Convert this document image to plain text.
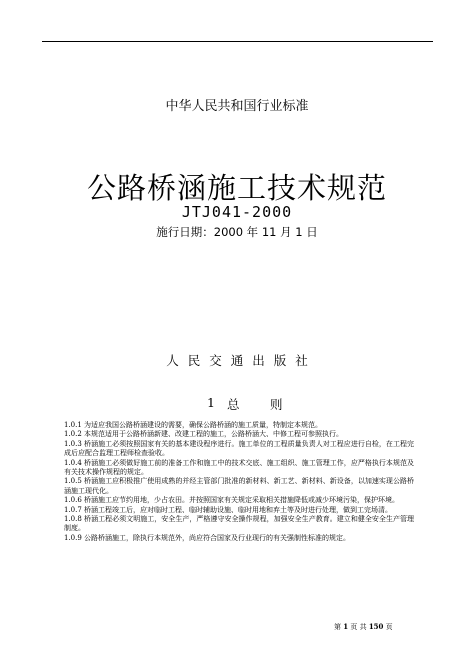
中华人民共和国行业标准
公路桥涵施工技术规范
JTJ041-2000
施行日期：2000 年 11 月 1 日
人民交通出版社
1 总 则

1.0.1 为适应我国公路桥涵建设的需要，确保公路桥涵的施工质量，特制定本规范。

1.0.2 本规范适用于公路桥涵新建、改建工程的施工，公路桥涵大、中修工程可参照执行。

1.0.3 桥涵施工必须按照国家有关的基本建设程序进行。施工单位的工程质量负责人对工程应进行自检，在工程完成后应配合监理工程师检查验收。

1.0.4 桥涵施工必须做好施工前的准备工作和施工中的技术交底、施工组织、施工管理工作，应严格执行本规范及有关技术操作规程的规定。

1.0.5 桥涵施工应积极推广使用成熟的并经主管部门批准的新材料、新工艺、新材料、新设备，以加速实现公路桥涵施工现代化。

1.0.6 桥涵施工应节约用地，少占农田。并按照国家有关规定采取相关措施降低或减少环境污染，保护环境。

1.0.7 桥涵工程竣工后，应对临时工程、临时辅助设施、临时用地和弃土等及时进行处理，做到工完场清。

1.0.8 桥涵工程必须文明施工，安全生产，严格遵守安全操作规程，加强安全生产教育。建立和健全安全生产管理制度。

1.0.9 公路桥涵施工，除执行本规范外，尚应符合国家及行业现行的有关强制性标准的规定。

第 1 页 共 150 页
